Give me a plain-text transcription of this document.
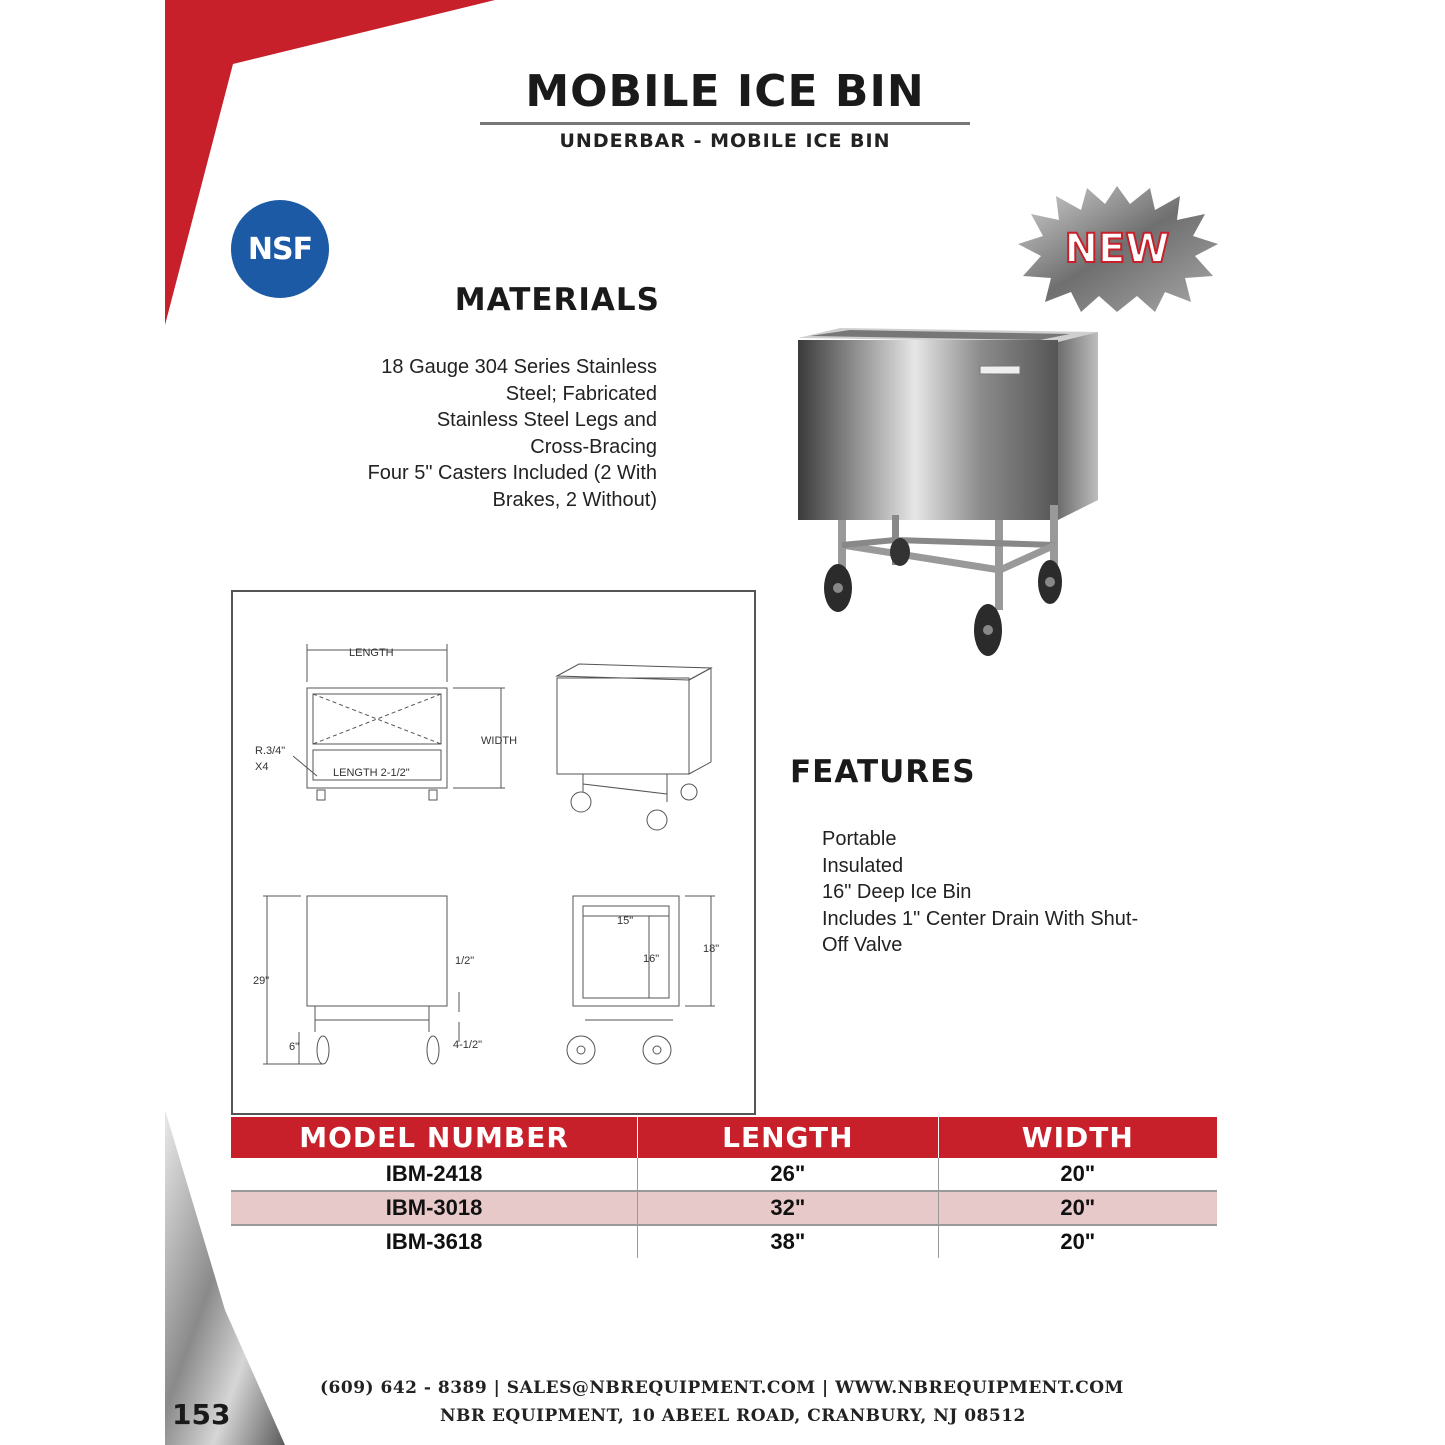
MOBILE ICE BIN
UNDERBAR - MOBILE ICE BIN
NSF	NEW
MATERIALS
18 Gauge 304 Series Stainless
Steel; Fabricated
Stainless Steel Legs and
Cross-Bracing
Four 5" Casters Included (2 With
Brakes, 2 Without)
FEATURES
Portable
Insulated
16" Deep Ice Bin
Includes 1" Center Drain With Shut-
Off Valve
LENGTH
WIDTH
R.3/4"
X4	LENGTH 2-1/2"
29"
1/2"
6"	4-1/2"
15"
16"
18"
MODEL NUMBER	LENGTH	WIDTH
IBM-2418	26"	20"
IBM-3018	32"	20"
IBM-3618	38"	20"
(609) 642 - 8389 | SALES@NBREQUIPMENT.COM | WWW.NBREQUIPMENT.COM
NBR EQUIPMENT, 10 ABEEL ROAD, CRANBURY, NJ 08512
153
